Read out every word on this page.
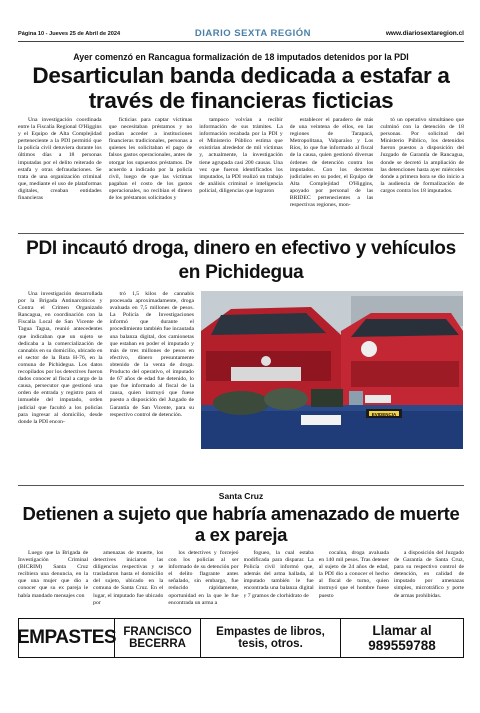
Página 10 - Jueves 25 de Abril de 2024	DIARIO SEXTA REGIÓN	www.diariosextaregion.cl
Ayer comenzó en Rancagua formalización de 18 imputados detenidos por la PDI
Desarticulan banda dedicada a estafar a través de financieras ficticias

Una investigación coordinada entre la Fiscalía Regional O'Higgins y el Equipo de Alta Complejidad perteneciente a la PDI permitió que la policía civil detuviera durante los últimos días a 18 personas imputadas por el delito reiterado de estafa y otras defraudaciones. Se trata de una organización criminal que, mediante el uso de plataformas digitales, creaban entidades financieras

ficticias para captar víctimas que necesitaban préstamos y no podían acceder a instituciones financieras tradicionales, personas a quienes les solicitaban el pago de falsos gastos operacionales, antes de otorgar los supuestos préstamos. De acuerdo a indicado por la policía civil, luego de que las víctimas pagaban el costo de los gastos operacionales, no recibían el dinero de los préstamos solicitados y

tampoco volvían a recibir información de sus trámites. La información recabada por la PDI y el Ministerio Público estima que existirían alrededor de mil víctimas y, actualmente, la investigación tiene agrupada casi 200 causas. Una vez que fueron identificados los imputados, la PDI realizó un trabajo de análisis criminal e inteligencia policial, diligencias que lograron

establecer el paradero de más de una veintena de ellos, en las regiones de Tarapacá, Metropolitana, Valparaíso y Los Ríos, lo que fue informado al fiscal de la causa, quien gestionó diversas órdenes de detención contra los imputados. Con los decretos judiciales en su poder, el Equipo de Alta Complejidad O'Higgins, apoyado por personal de las BRIDEC pertenecientes a las respectivas regiones, mon-

tó un operativo simultáneo que culminó con la detención de 18 personas. Por solicitud del Ministerio Público, los detenidos fueron puestos a disposición del Juzgado de Garantía de Rancagua, donde se decretó la ampliación de las detenciones hasta ayer miércoles donde a primera hora se dio inicio a la audiencia de formalización de cargos contra los 18 imputados.

PDI incautó droga, dinero en efectivo y vehículos en Pichidegua

Una investigación desarrollada por la Brigada Antinarcóticos y Contra el Crimen Organizado Rancagua, en coordinación con la Fiscalía Local de San Vicente de Tagua Tagua, reunió antecedentes que indicaban que un sujeto se dedicaba a la comercialización de cannabis en su domicilio, ubicado en el sector de la Ruta H-76, en la comuna de Pichidegua. Los datos recopilados por los detectives fueron dados conocer al fiscal a cargo de la causa, persecutor que gestionó una orden de entrada y registro para el inmueble del imputado, orden judicial que facultó a los policías para ingresar al domicilio, desde donde la PDI encon-

tró 1,5 kilos de cannabis procesada aproximadamente, droga avaluada en 7,5 millones de pesos. La Policía de Investigaciones informó que durante el procedimiento también fue incautada una balanza digital, dos camionetas que estaban en poder el imputado y más de tres millones de pesos en efectivo, dinero presuntamente obtenido de la venta de droga. Producto del operativo, el imputado de 67 años de edad fue detenido, lo que fue informado al fiscal de la causa, quien instruyó que fuese puesto a disposición del Juzgado de Garantía de San Vicente, para su respectivo control de detención.	EVIDENCIA
Santa Cruz
Detienen a sujeto que habría amenazado de muerte a ex pareja

Luego que la Brigada de Investigación Criminal (BICRIM) Santa Cruz recibiera una denuncia, en la que una mujer que dio a conocer que su ex pareja le había mandado mensajes con

amenazas de muerte, los detectives iniciaron las diligencias respectivas y se trasladaron hasta el domicilio del sujeto, ubicado en la comuna de Santa Cruz. En el lugar, el imputado fue ubicado por

los detectives y forcejeó con los policías al ser informado de su detención por el delito flagrante antes señalado, sin embargo, fue reducido rápidamente, oportunidad en la que le fue encontrada un arma a

fogueo, la cual estaba modificada para disparar. La Policía civil informó que, además del arma hallada, al imputado también le fue encontrada una balanza digital y 7 gramos de clorhidrato de

cocaína, droga avaluada en 140 mil pesos. Tras detener al sujeto de 24 años de edad, la PDI dio a conocer el hecho al fiscal de turno, quien instruyó que el hombre fuese puesto

a disposición del Juzgado de Garantía de Santa Cruz, para su respectivo control de detención, en calidad de imputado por amenazas simples, microtráfico y porte de armas prohibidas.

EMPASTES FRANCISCO
BECERRA
Empastes de libros,
tesis, otros.
Llamar al 989559788
